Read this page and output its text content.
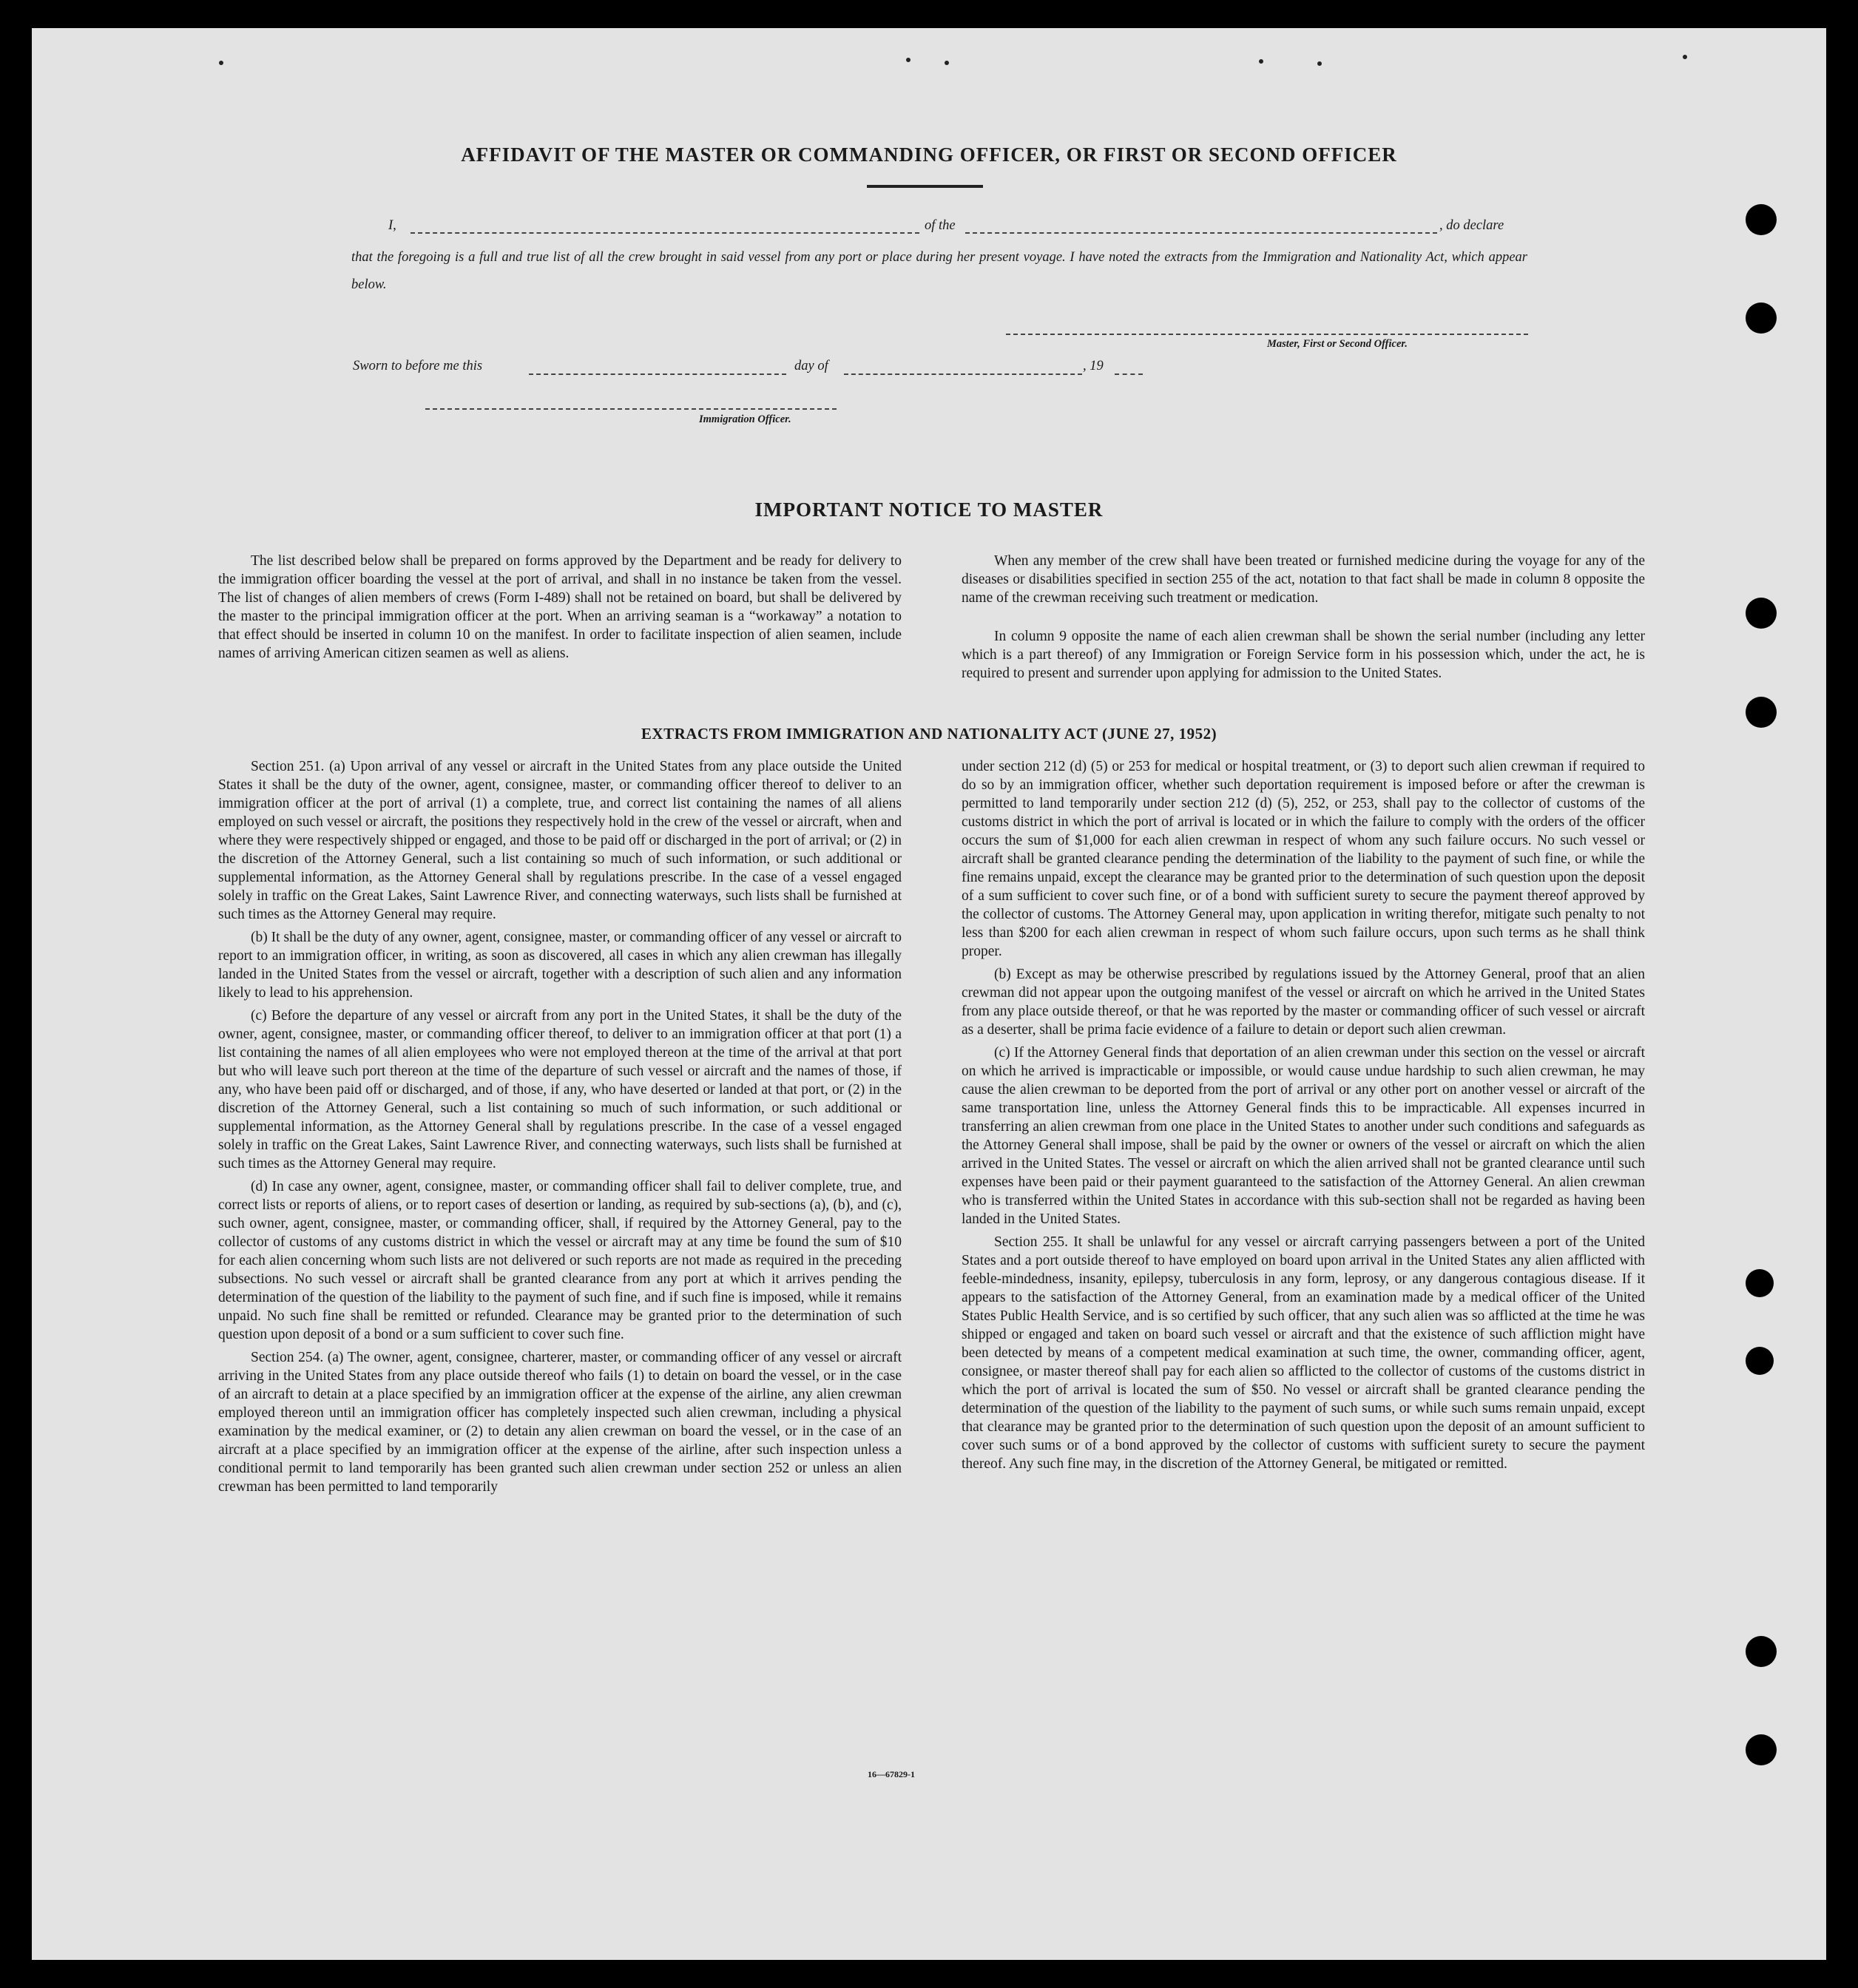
AFFIDAVIT OF THE MASTER OR COMMANDING OFFICER, OR FIRST OR SECOND OFFICER
I,	of the	, do declare

that the foregoing is a full and true list of all the crew brought in said vessel from any port or place during her present voyage. I have noted the extracts from the Immigration and Nationality Act, which appear below.

Master, First or Second Officer.
Sworn to before me this	day of	, 19
Immigration Officer.
IMPORTANT NOTICE TO MASTER

The list described below shall be prepared on forms approved by the Department and be ready for delivery to the immigration officer boarding the vessel at the port of arrival, and shall in no instance be taken from the vessel. The list of changes of alien members of crews (Form I-489) shall not be retained on board, but shall be delivered by the master to the principal immigration officer at the port. When an arriving seaman is a “workaway” a notation to that effect should be inserted in column 10 on the manifest. In order to facilitate inspection of alien seamen, include names of arriving American citizen seamen as well as aliens.

When any member of the crew shall have been treated or furnished medicine during the voyage for any of the diseases or disabilities specified in section 255 of the act, notation to that fact shall be made in column 8 opposite the name of the crewman receiving such treatment or medication.

In column 9 opposite the name of each alien crewman shall be shown the serial number (including any letter which is a part thereof) of any Immigration or Foreign Service form in his possession which, under the act, he is required to present and surrender upon applying for admission to the United States.

EXTRACTS FROM IMMIGRATION AND NATIONALITY ACT (JUNE 27, 1952)

Section 251. (a) Upon arrival of any vessel or aircraft in the United States from any place outside the United States it shall be the duty of the owner, agent, consignee, master, or commanding officer thereof to deliver to an immigration officer at the port of arrival (1) a complete, true, and correct list containing the names of all aliens employed on such vessel or aircraft, the positions they respectively hold in the crew of the vessel or aircraft, when and where they were respectively shipped or engaged, and those to be paid off or discharged in the port of arrival; or (2) in the discretion of the Attorney General, such a list containing so much of such information, or such additional or supplemental information, as the Attorney General shall by regulations prescribe. In the case of a vessel engaged solely in traffic on the Great Lakes, Saint Lawrence River, and connecting waterways, such lists shall be furnished at such times as the Attorney General may require.

(b) It shall be the duty of any owner, agent, consignee, master, or commanding officer of any vessel or aircraft to report to an immigration officer, in writing, as soon as discovered, all cases in which any alien crewman has illegally landed in the United States from the vessel or aircraft, together with a description of such alien and any information likely to lead to his apprehension.

(c) Before the departure of any vessel or aircraft from any port in the United States, it shall be the duty of the owner, agent, consignee, master, or commanding officer thereof, to deliver to an immigration officer at that port (1) a list containing the names of all alien employees who were not employed thereon at the time of the arrival at that port but who will leave such port thereon at the time of the departure of such vessel or aircraft and the names of those, if any, who have been paid off or discharged, and of those, if any, who have deserted or landed at that port, or (2) in the discretion of the Attorney General, such a list containing so much of such information, or such additional or supplemental information, as the Attorney General shall by regulations prescribe. In the case of a vessel engaged solely in traffic on the Great Lakes, Saint Lawrence River, and connecting waterways, such lists shall be furnished at such times as the Attorney General may require.

(d) In case any owner, agent, consignee, master, or commanding officer shall fail to deliver complete, true, and correct lists or reports of aliens, or to report cases of desertion or landing, as required by sub-sections (a), (b), and (c), such owner, agent, consignee, master, or commanding officer, shall, if required by the Attorney General, pay to the collector of customs of any customs district in which the vessel or aircraft may at any time be found the sum of $10 for each alien concerning whom such lists are not delivered or such reports are not made as required in the preceding subsections. No such vessel or aircraft shall be granted clearance from any port at which it arrives pending the determination of the question of the liability to the payment of such fine, and if such fine is imposed, while it remains unpaid. No such fine shall be remitted or refunded. Clearance may be granted prior to the determination of such question upon deposit of a bond or a sum sufficient to cover such fine.

Section 254. (a) The owner, agent, consignee, charterer, master, or commanding officer of any vessel or aircraft arriving in the United States from any place outside thereof who fails (1) to detain on board the vessel, or in the case of an aircraft to detain at a place specified by an immigration officer at the expense of the airline, any alien crewman employed thereon until an immigration officer has completely inspected such alien crewman, including a physical examination by the medical examiner, or (2) to detain any alien crewman on board the vessel, or in the case of an aircraft at a place specified by an immigration officer at the expense of the airline, after such inspection unless a conditional permit to land temporarily has been granted such alien crewman under section 252 or unless an alien crewman has been permitted to land temporarily

under section 212 (d) (5) or 253 for medical or hospital treatment, or (3) to deport such alien crewman if required to do so by an immigration officer, whether such deportation requirement is imposed before or after the crewman is permitted to land temporarily under section 212 (d) (5), 252, or 253, shall pay to the collector of customs of the customs district in which the port of arrival is located or in which the failure to comply with the orders of the officer occurs the sum of $1,000 for each alien crewman in respect of whom any such failure occurs. No such vessel or aircraft shall be granted clearance pending the determination of the liability to the payment of such fine, or while the fine remains unpaid, except the clearance may be granted prior to the determination of such question upon the deposit of a sum sufficient to cover such fine, or of a bond with sufficient surety to secure the payment thereof approved by the collector of customs. The Attorney General may, upon application in writing therefor, mitigate such penalty to not less than $200 for each alien crewman in respect of whom such failure occurs, upon such terms as he shall think proper.

(b) Except as may be otherwise prescribed by regulations issued by the Attorney General, proof that an alien crewman did not appear upon the outgoing manifest of the vessel or aircraft on which he arrived in the United States from any place outside thereof, or that he was reported by the master or commanding officer of such vessel or aircraft as a deserter, shall be prima facie evidence of a failure to detain or deport such alien crewman.

(c) If the Attorney General finds that deportation of an alien crewman under this section on the vessel or aircraft on which he arrived is impracticable or impossible, or would cause undue hardship to such alien crewman, he may cause the alien crewman to be deported from the port of arrival or any other port on another vessel or aircraft of the same transportation line, unless the Attorney General finds this to be impracticable. All expenses incurred in transferring an alien crewman from one place in the United States to another under such conditions and safeguards as the Attorney General shall impose, shall be paid by the owner or owners of the vessel or aircraft on which the alien arrived in the United States. The vessel or aircraft on which the alien arrived shall not be granted clearance until such expenses have been paid or their payment guaranteed to the satisfaction of the Attorney General. An alien crewman who is transferred within the United States in accordance with this sub-section shall not be regarded as having been landed in the United States.

Section 255. It shall be unlawful for any vessel or aircraft carrying passengers between a port of the United States and a port outside thereof to have employed on board upon arrival in the United States any alien afflicted with feeble-mindedness, insanity, epilepsy, tuberculosis in any form, leprosy, or any dangerous contagious disease. If it appears to the satisfaction of the Attorney General, from an examination made by a medical officer of the United States Public Health Service, and is so certified by such officer, that any such alien was so afflicted at the time he was shipped or engaged and taken on board such vessel or aircraft and that the existence of such affliction might have been detected by means of a competent medical examination at such time, the owner, commanding officer, agent, consignee, or master thereof shall pay for each alien so afflicted to the collector of customs of the customs district in which the port of arrival is located the sum of $50. No vessel or aircraft shall be granted clearance pending the determination of the question of the liability to the payment of such sums, or while such sums remain unpaid, except that clearance may be granted prior to the determination of such question upon the deposit of an amount sufficient to cover such sums or of a bond approved by the collector of customs with sufficient surety to secure the payment thereof. Any such fine may, in the discretion of the Attorney General, be mitigated or remitted.

16—67829-1
